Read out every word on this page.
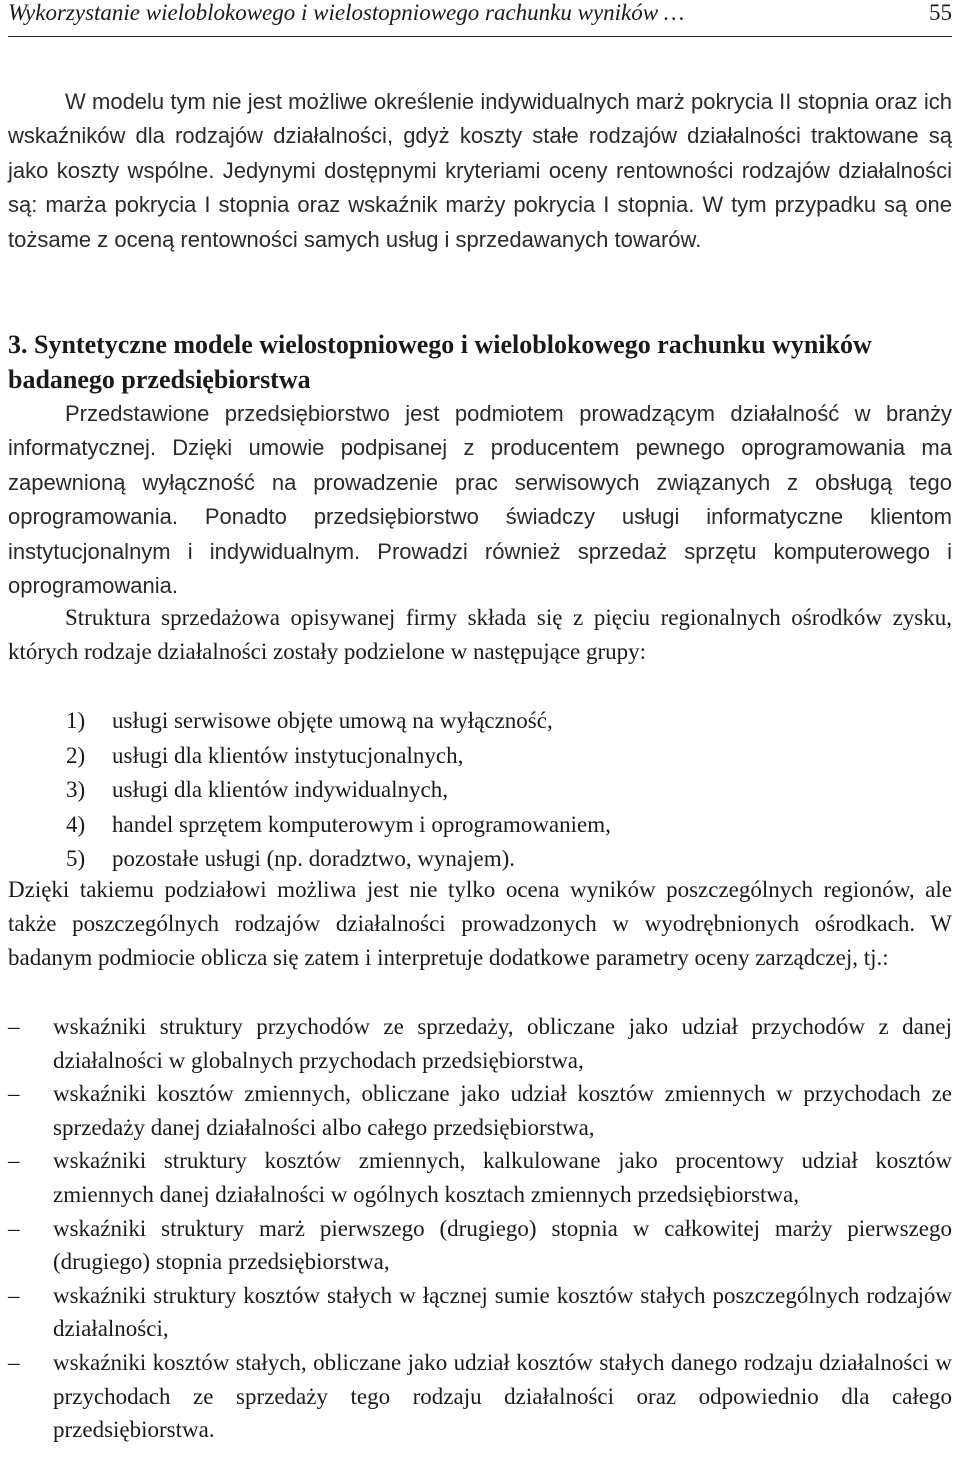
Wykorzystanie wieloblokowego i wielostopniowego rachunku wyników …	55

W modelu tym nie jest możliwe określenie indywidualnych marż pokrycia II stopnia oraz ich wskaźników dla rodzajów działalności, gdyż koszty stałe rodzajów działalności traktowane są jako koszty wspólne. Jedynymi dostępnymi kryteriami oceny rentowności rodzajów działalności są: marża pokrycia I stopnia oraz wskaźnik marży pokrycia I stopnia. W tym przypadku są one tożsame z oceną rentowności samych usług i sprzedawanych towarów.

3. Syntetyczne modele wielostopniowego i wieloblokowego rachunku wyników badanego przedsiębiorstwa

Przedstawione przedsiębiorstwo jest podmiotem prowadzącym działalność w branży informatycznej. Dzięki umowie podpisanej z producentem pewnego oprogramowania ma zapewnioną wyłączność na prowadzenie prac serwisowych związanych z obsługą tego oprogramowania. Ponadto przedsiębiorstwo świadczy usługi informatyczne klientom instytucjonalnym i indywidualnym. Prowadzi również sprzedaż sprzętu komputerowego i oprogramowania.

Struktura sprzedażowa opisywanej firmy składa się z pięciu regionalnych ośrodków zysku, których rodzaje działalności zostały podzielone w następujące grupy:

1) usługi serwisowe objęte umową na wyłączność,
2) usługi dla klientów instytucjonalnych,
3) usługi dla klientów indywidualnych,
4) handel sprzętem komputerowym i oprogramowaniem,
5) pozostałe usługi (np. doradztwo, wynajem).

Dzięki takiemu podziałowi możliwa jest nie tylko ocena wyników poszczególnych regionów, ale także poszczególnych rodzajów działalności prowadzonych w wyodrębnionych ośrodkach. W badanym podmiocie oblicza się zatem i interpretuje dodatkowe parametry oceny zarządczej, tj.:

– wskaźniki struktury przychodów ze sprzedaży, obliczane jako udział przychodów z danej działalności w globalnych przychodach przedsiębiorstwa,
– wskaźniki kosztów zmiennych, obliczane jako udział kosztów zmiennych w przychodach ze sprzedaży danej działalności albo całego przedsiębiorstwa,
– wskaźniki struktury kosztów zmiennych, kalkulowane jako procentowy udział kosztów zmiennych danej działalności w ogólnych kosztach zmiennych przedsiębiorstwa,
– wskaźniki struktury marż pierwszego (drugiego) stopnia w całkowitej marży pierwszego (drugiego) stopnia przedsiębiorstwa,
– wskaźniki struktury kosztów stałych w łącznej sumie kosztów stałych poszczególnych rodzajów działalności,
– wskaźniki kosztów stałych, obliczane jako udział kosztów stałych danego rodzaju działalności w przychodach ze sprzedaży tego rodzaju działalności oraz odpowiednio dla całego przedsiębiorstwa.
